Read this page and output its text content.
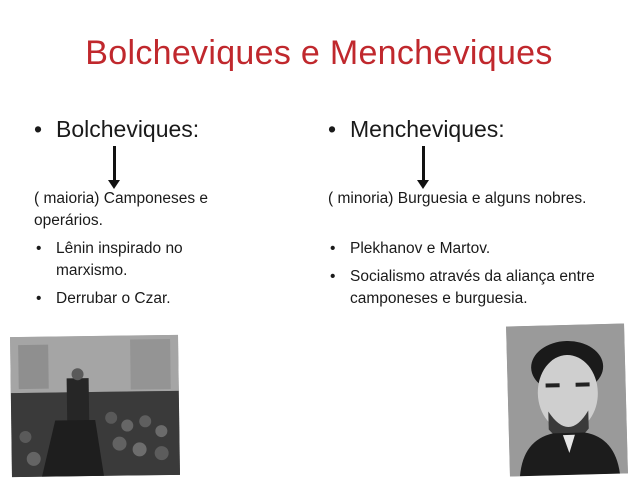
Bolcheviques e Mencheviques
• Bolcheviques:
( maioria) Camponeses e operários.
• Lênin inspirado no marxismo.
• Derrubar o Czar.
• Mencheviques:
( minoria) Burguesia e alguns nobres.
• Plekhanov e Martov.
• Socialismo através da aliança entre camponeses e burguesia.
